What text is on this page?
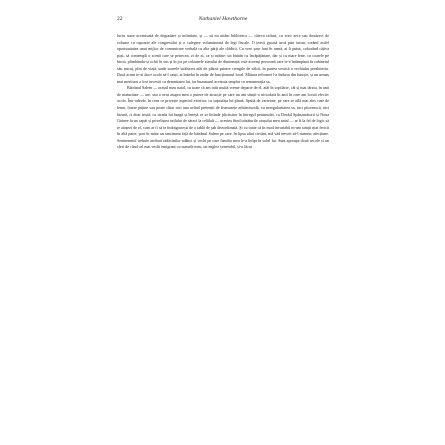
22	Nathaniel Hawthorne

lucru stare accentuată de degradare și infinitate, și — să nu uităm biblioteca — câteva rafturi, cu vreo zece sau douăzeci de volume cu rapoarte ale congresului și o culegere voluminoasă de legi fiscale. O țeavă groasă urcă prin tavan, creând astfel oportunitatea unui mijloc de comunicare verbală cu alte părți ale clădirii. Cu vreo șase luni în urmă, ai fi putut, coborând câțiva pași, să contempli o scenă care se petrecea, zi de zi, ca și mâine: un bătrân cu încăpățânare, dar și cu mare lene, cu coatele pe birou, plimbându-și ochii în sus și în jos pe coloanele ziarului de dimineață; este aceeași persoană care te-a întâmpinat în cabinetul său micuț, plin de viață, unde soarele strălucea atât de plăcut printre crengile de sălcii, în partea vestică a vechiului prezbiteriu. Dacă acum te-ai duce acolo să-l cauți, ai întreba în zadar de funcționarul local. Mătura reformei l-a îndurat din funcție, și un urmaș mai merituos a fost investit cu demnitatea lui, iar buzunarul acestuia umplut cu remunerația sa.

Bătrânul Salem — orașul meu natal, cu toate că am trăit multă vreme departe de el, atât în copilărie, cât și mai târziu, în anii de maturitate — are, sau a avut asupra mea o putere de atracție pe care nu am simțit-o niciodată în anii în care am locuit efectiv acolo. Într-adevăr, în ceea ce privește aspectul exterior, cu suprafața lui plană, lipsită de varietate, pe care se află mai ales case de lemn, foarte puține sau poate chiar nici una având pretenții de frumusețe arhitecturală, cu neregularitatea sa, nici pitorească, nici bizară, ci doar tristă; cu strada lui lungă și leneșă ce se întinde plictisitor în întregul peninsulei, cu Dealul Spânzurătorii și Noua Guinee la un capăt și priveliștea azilului de săraci la celălalt — acestea fiind trăsăturile orașului meu natal — ar fi la fel de logic să te atașezi de el, cum ar fi să te îndrăgostești de o tablă de șah dezordonată. Și cu toate că în mod invariabil m-am simțit mai fericit în altă parte, port în mine un sentiment față de bătrânul Salem pe care, în lipsa altui cuvânt, mă văd nevoit să-l numesc afecțiune. Sentimentul trebuie atribuit rădăcinilor adânci și vechi pe care familia mea le-a înfipt în solul lui. Sunt aproape două secole și un sfert de când cel mai vechi emigrant cu numele meu, un englez venerabil, și-a făcut
